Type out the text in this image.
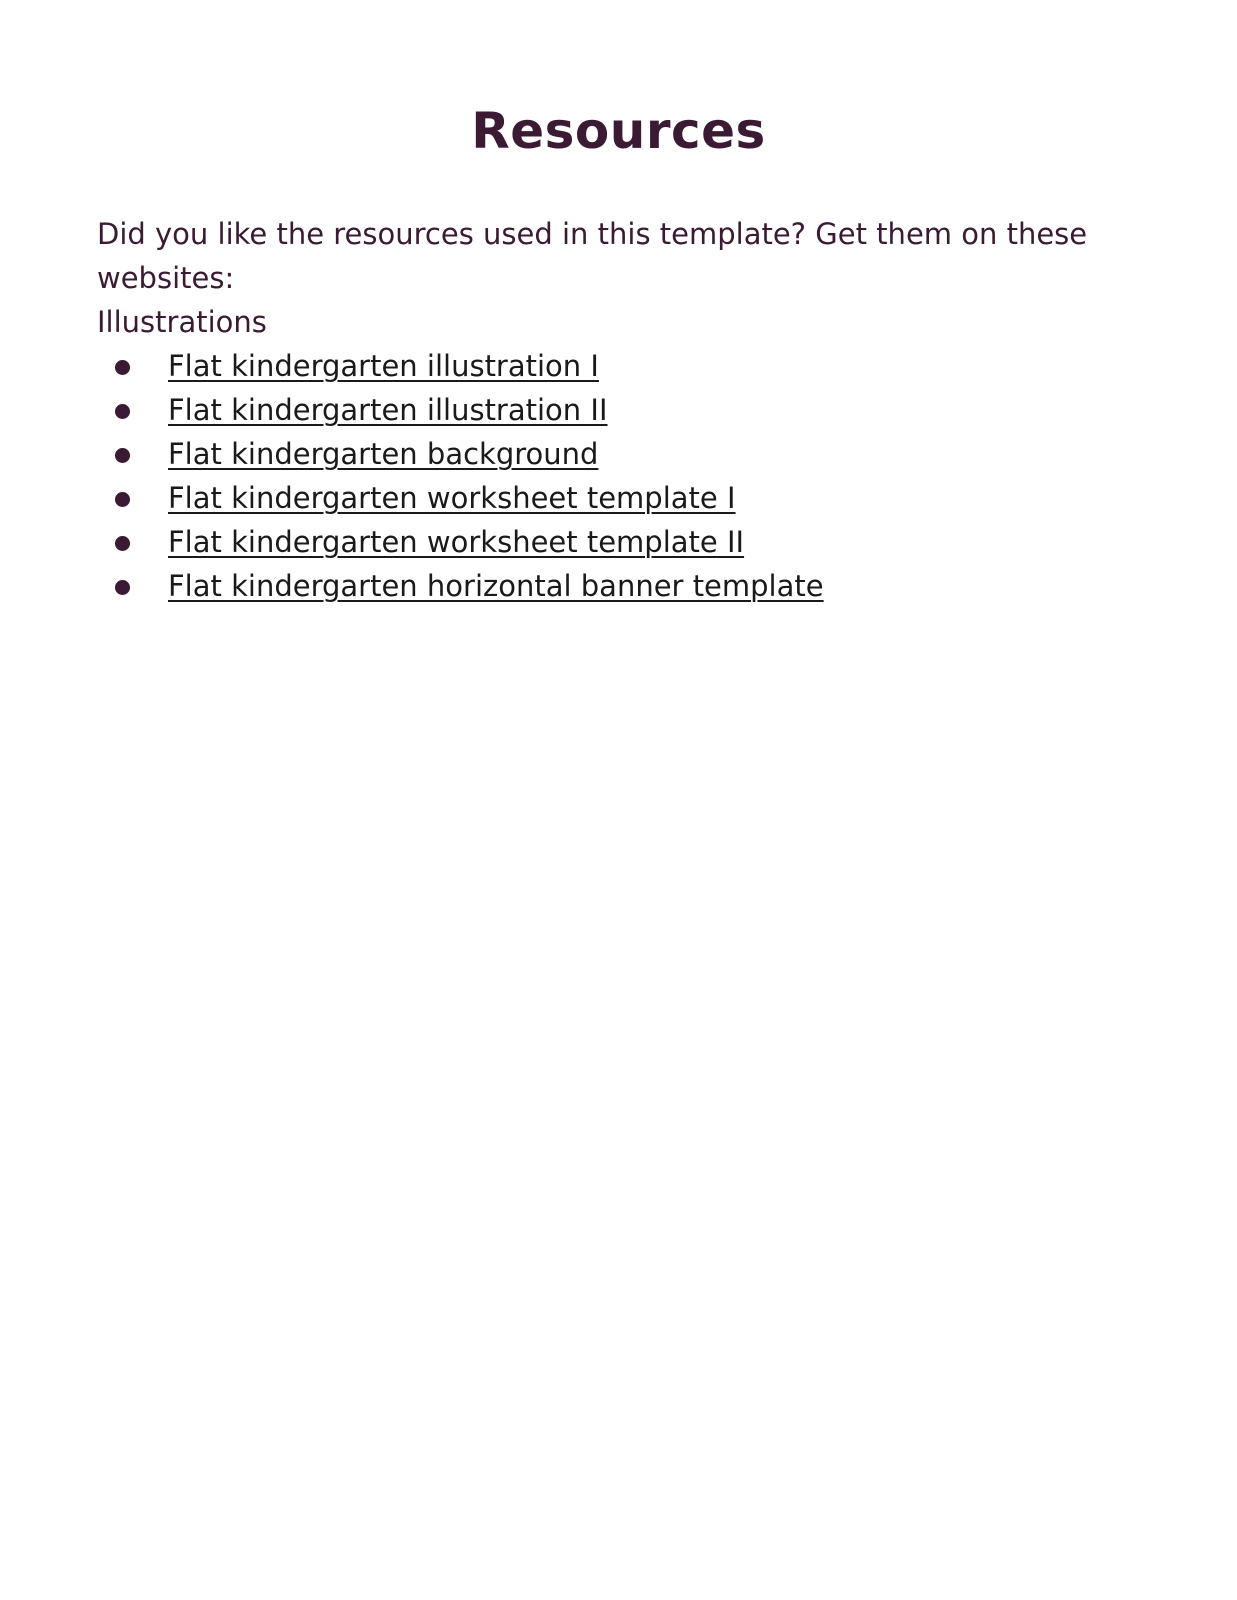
Resources

Did you like the resources used in this template? Get them on these websites:

Illustrations

Flat kindergarten illustration I
Flat kindergarten illustration II
Flat kindergarten background
Flat kindergarten worksheet template I
Flat kindergarten worksheet template II
Flat kindergarten horizontal banner template
